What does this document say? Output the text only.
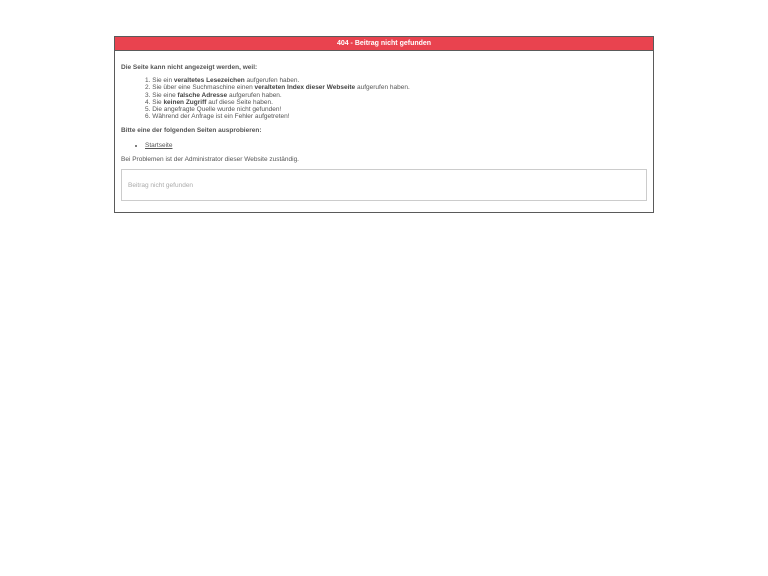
404 - Beitrag nicht gefunden

Die Seite kann nicht angezeigt werden, weil:

1. Sie ein veraltetes Lesezeichen aufgerufen haben.
2. Sie über eine Suchmaschine einen veralteten Index dieser Webseite aufgerufen haben.
3. Sie eine falsche Adresse aufgerufen haben.
4. Sie keinen Zugriff auf diese Seite haben.
5. Die angefragte Quelle wurde nicht gefunden!
6. Während der Anfrage ist ein Fehler aufgetreten!

Bitte eine der folgenden Seiten ausprobieren:

• Startseite

Bei Problemen ist der Administrator dieser Website zuständig.

Beitrag nicht gefunden
